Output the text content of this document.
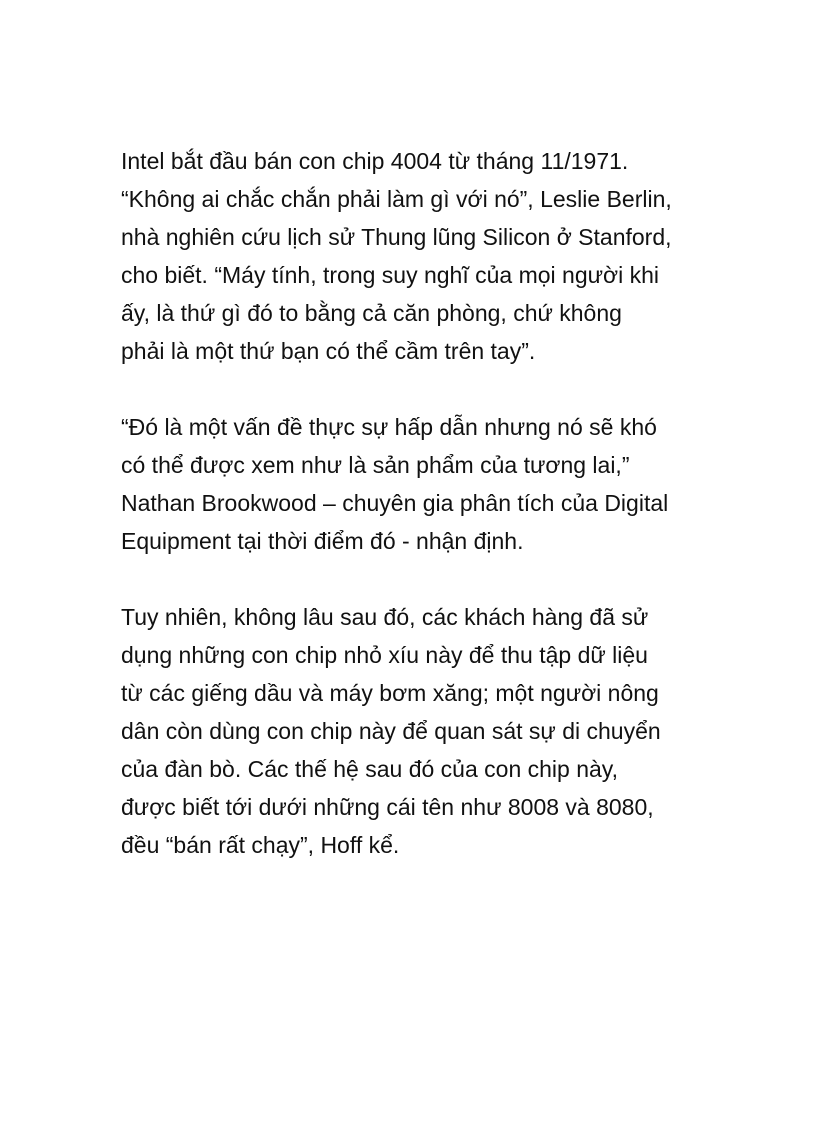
Intel bắt đầu bán con chip 4004 từ tháng 11/1971.
“Không ai chắc chắn phải làm gì với nó”, Leslie Berlin,
nhà nghiên cứu lịch sử Thung lũng Silicon ở Stanford,
cho biết. “Máy tính, trong suy nghĩ của mọi người khi
ấy, là thứ gì đó to bằng cả căn phòng, chứ không
phải là một thứ bạn có thể cầm trên tay”.

“Đó là một vấn đề thực sự hấp dẫn nhưng nó sẽ khó
có thể được xem như là sản phẩm của tương lai,”
Nathan Brookwood – chuyên gia phân tích của Digital
Equipment tại thời điểm đó - nhận định.

Tuy nhiên, không lâu sau đó, các khách hàng đã sử
dụng những con chip nhỏ xíu này để thu tập dữ liệu
từ các giếng dầu và máy bơm xăng; một người nông
dân còn dùng con chip này để quan sát sự di chuyển
của đàn bò. Các thế hệ sau đó của con chip này,
được biết tới dưới những cái tên như 8008 và 8080,
đều “bán rất chạy”, Hoff kể.
